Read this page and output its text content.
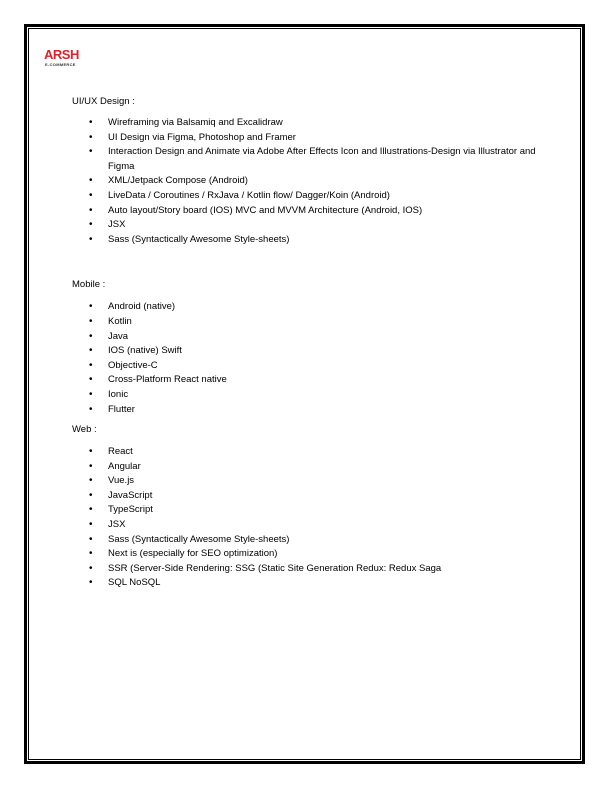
ARSH
E-COMMERCE

UI/UX Design :

• Wireframing via Balsamiq and Excalidraw
• UI Design via Figma, Photoshop and Framer
• Interaction Design and Animate via Adobe After Effects Icon and Illustrations-Design via Illustrator and Figma
• XML/Jetpack Compose (Android)
• LiveData / Coroutines / RxJava / Kotlin flow/ Dagger/Koin (Android)
• Auto layout/Story board (IOS) MVC and MVVM Architecture (Android, IOS)
• JSX
• Sass (Syntactically Awesome Style-sheets)

Mobile :

• Android (native)
• Kotlin
• Java
• IOS (native) Swift
• Objective-C
• Cross-Platform React native
• Ionic
• Flutter

Web :

• React
• Angular
• Vue.js
• JavaScript
• TypeScript
• JSX
• Sass (Syntactically Awesome Style-sheets)
• Next is (especially for SEO optimization)
• SSR (Server-Side Rendering: SSG (Static Site Generation Redux: Redux Saga
• SQL NoSQL
